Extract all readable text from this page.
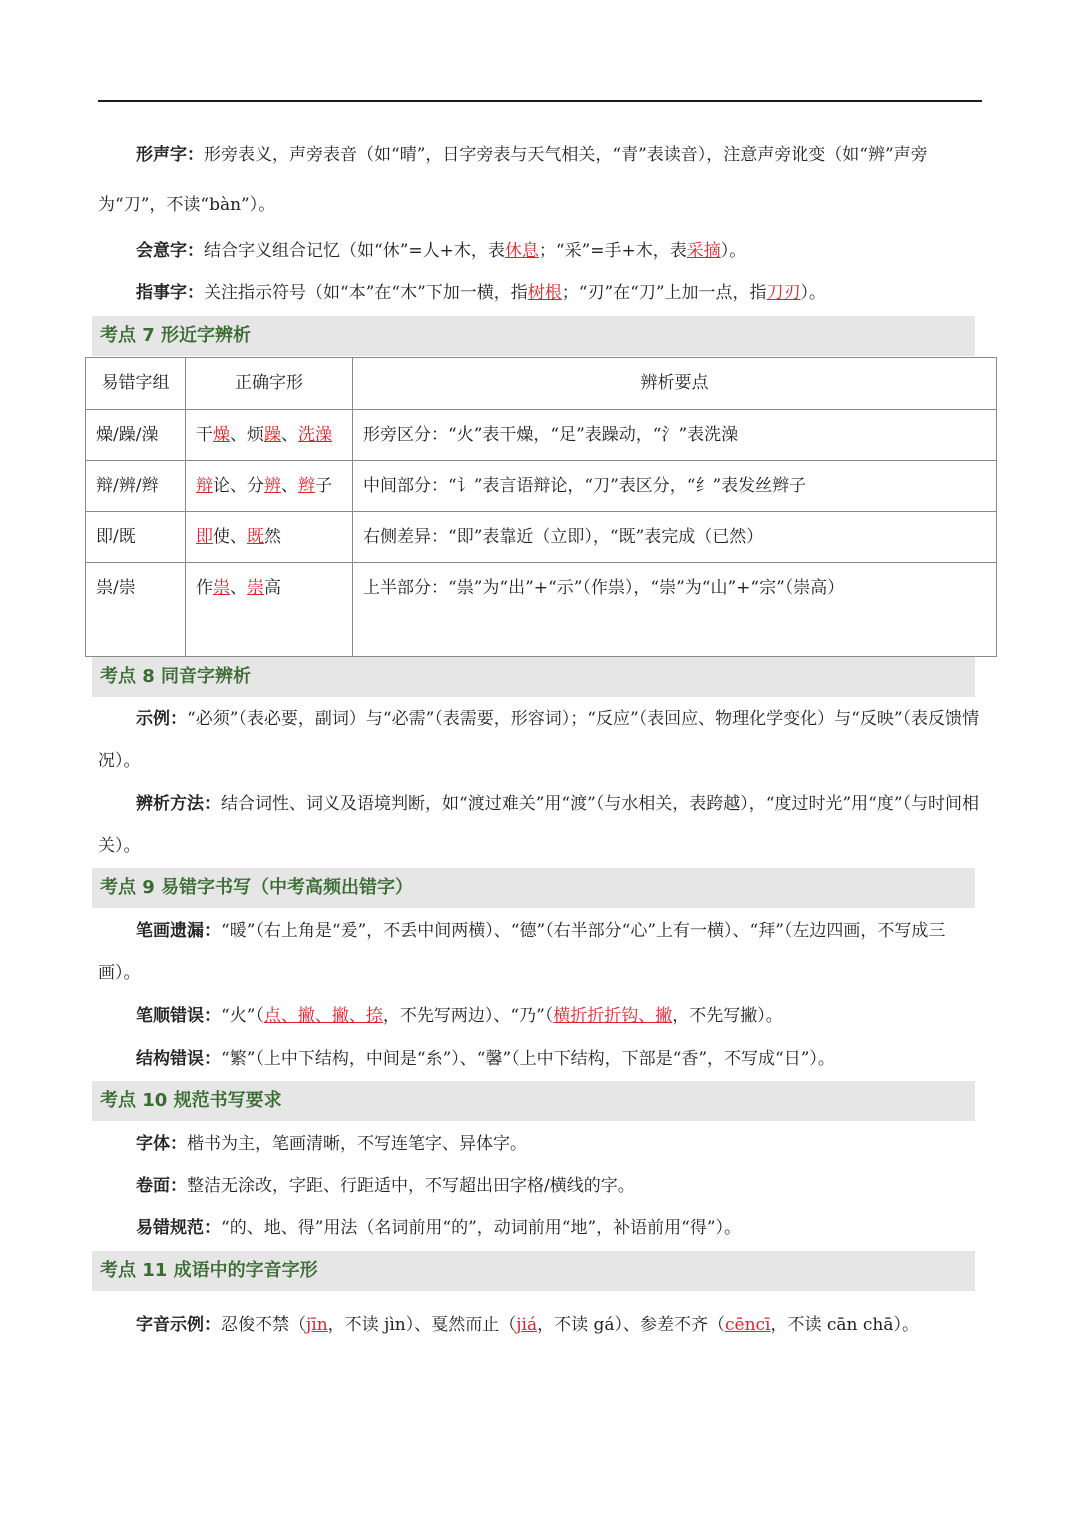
形声字：形旁表义，声旁表音（如“晴”，日字旁表与天气相关，“青”表读音），注意声旁讹变（如“辨”声旁为“刀”，不读“bàn”）。

会意字：结合字义组合记忆（如“休”=人+木，表休息；“采”=手+木，表采摘）。

指事字：关注指示符号（如“本”在“木”下加一横，指树根；“刃”在“刀”上加一点，指刀刃）。

考点 7 形近字辨析
易错字组	正确字形	辨析要点
燥/躁/澡	干燥、烦躁、洗澡	形旁区分：“火”表干燥，“足”表躁动，“氵”表洗澡
辩/辨/辫	辩论、分辨、辫子	中间部分：“讠”表言语辩论，“刀”表区分，“纟”表发丝辫子
即/既	即使、既然	右侧差异：“即”表靠近（立即），“既”表完成（已然）
祟/崇	作祟、崇高	上半部分：“祟”为“出”+“示”（作祟），“崇”为“山”+“宗”（崇高）
考点 8 同音字辨析

示例：“必须”（表必要，副词）与“必需”（表需要，形容词）；“反应”（表回应、物理化学变化）与“反映”（表反馈情况）。

辨析方法：结合词性、词义及语境判断，如“渡过难关”用“渡”（与水相关，表跨越），“度过时光”用“度”（与时间相关）。

考点 9 易错字书写（中考高频出错字）

笔画遗漏：“暖”（右上角是“爰”，不丢中间两横）、“德”（右半部分“心”上有一横）、“拜”（左边四画，不写成三画）。

笔顺错误：“火”（点、撇、撇、捺，不先写两边）、“乃”（横折折折钩、撇，不先写撇）。

结构错误：“繁”（上中下结构，中间是“糸”）、“馨”（上中下结构，下部是“香”，不写成“日”）。

考点 10 规范书写要求

字体：楷书为主，笔画清晰，不写连笔字、异体字。

卷面：整洁无涂改，字距、行距适中，不写超出田字格/横线的字。

易错规范：“的、地、得”用法（名词前用“的”，动词前用“地”，补语前用“得”）。

考点 11 成语中的字音字形

字音示例：忍俊不禁（jīn，不读 jìn）、戛然而止（jiá，不读 gá）、参差不齐（cēncī，不读 cān chā）。
